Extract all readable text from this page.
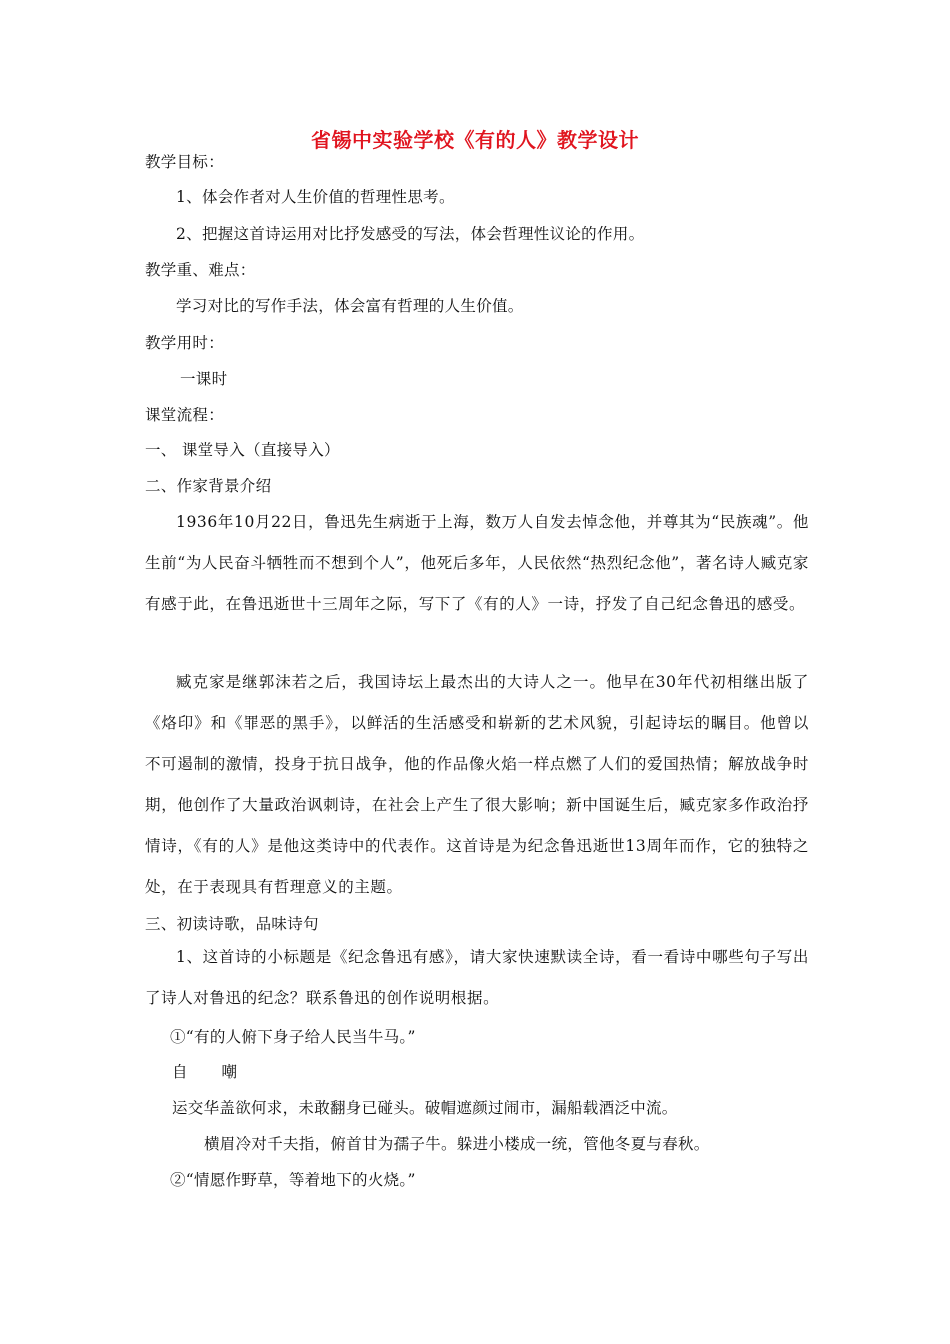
省锡中实验学校《有的人》教学设计
教学目标：
1、体会作者对人生价值的哲理性思考。
2、把握这首诗运用对比抒发感受的写法，体会哲理性议论的作用。
教学重、难点：
学习对比的写作手法，体会富有哲理的人生价值。
教学用时：
一课时
课堂流程：
一、 课堂导入（直接导入）
二、作家背景介绍
1936年10月22日，鲁迅先生病逝于上海，数万人自发去悼念他，并尊其为“民族魂”。他生前“为人民奋斗牺牲而不想到个人”，他死后多年，人民依然“热烈纪念他”，著名诗人臧克家有感于此，在鲁迅逝世十三周年之际，写下了《有的人》一诗，抒发了自己纪念鲁迅的感受。
臧克家是继郭沫若之后，我国诗坛上最杰出的大诗人之一。他早在30年代初相继出版了《烙印》和《罪恶的黑手》，以鲜活的生活感受和崭新的艺术风貌，引起诗坛的瞩目。他曾以不可遏制的激情，投身于抗日战争，他的作品像火焰一样点燃了人们的爱国热情；解放战争时期，他创作了大量政治讽刺诗，在社会上产生了很大影响；新中国诞生后，臧克家多作政治抒情诗，《有的人》是他这类诗中的代表作。这首诗是为纪念鲁迅逝世13周年而作，它的独特之处，在于表现具有哲理意义的主题。
三、初读诗歌，品味诗句
1、这首诗的小标题是《纪念鲁迅有感》，请大家快速默读全诗，看一看诗中哪些句子写出了诗人对鲁迅的纪念？联系鲁迅的创作说明根据。
①“有的人俯下身子给人民当牛马。”
自　　嘲
运交华盖欲何求，未敢翻身已碰头。破帽遮颜过闹市，漏船载酒泛中流。
横眉冷对千夫指，俯首甘为孺子牛。躲进小楼成一统，管他冬夏与春秋。
②“情愿作野草，等着地下的火烧。”
